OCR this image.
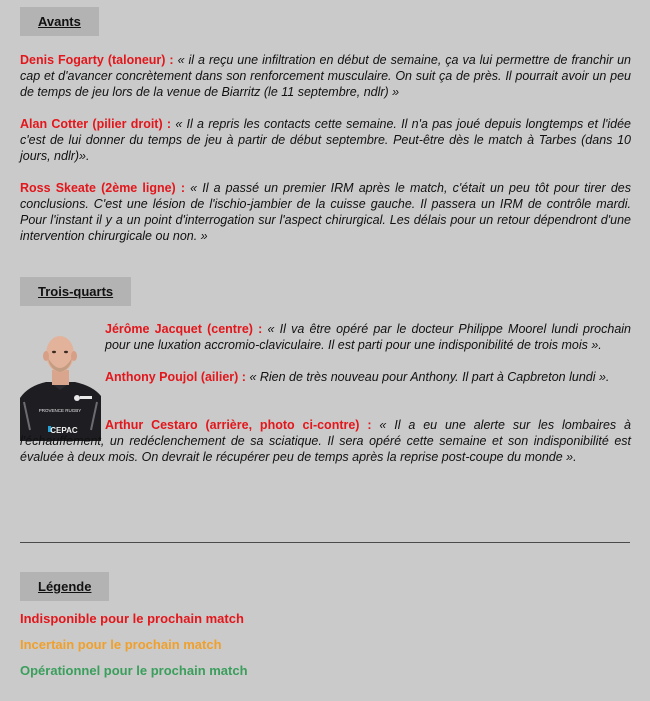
Avants
Denis Fogarty (taloneur) : « il a reçu une infiltration en début de semaine, ça va lui permettre de franchir un cap et d'avancer concrètement dans son renforcement musculaire. On suit ça de près. Il pourrait avoir un peu de temps de jeu lors de la venue de Biarritz (le 11 septembre, ndlr) »
Alan Cotter (pilier droit) : « Il a repris les contacts cette semaine. Il n'a pas joué depuis longtemps et l'idée c'est de lui donner du temps de jeu à partir de début septembre. Peut-être dès le match à Tarbes (dans 10 jours, ndlr)».
Ross Skeate (2ème ligne) : « Il a passé un premier IRM après le match, c'était un peu tôt pour tirer des conclusions. C'est une lésion de l'ischio-jambier de la cuisse gauche. Il passera un IRM de contrôle mardi. Pour l'instant il y a un point d'interrogation sur l'aspect chirurgical. Les délais pour un retour dépendront d'une intervention chirurgicale ou non. »
Trois-quarts
PROVENCE RUGBY
CEPAC
Jérôme Jacquet (centre) : « Il va être opéré par le docteur Philippe Moorel lundi prochain pour une luxation accromio-claviculaire. Il est parti pour une indisponibilité de trois mois ».
Anthony Poujol (ailier) : « Rien de très nouveau pour Anthony. Il part à Capbreton lundi ».
Arthur Cestaro (arrière, photo ci-contre) : « Il a eu une alerte sur les lombaires à l'échauffement, un redéclenchement de sa sciatique. Il sera opéré cette semaine et son indisponibilité est évaluée à deux mois. On devrait le récupérer peu de temps après la reprise post-coupe du monde ».
Légende
Indisponible pour le prochain match
Incertain pour le prochain match
Opérationnel pour le prochain match
